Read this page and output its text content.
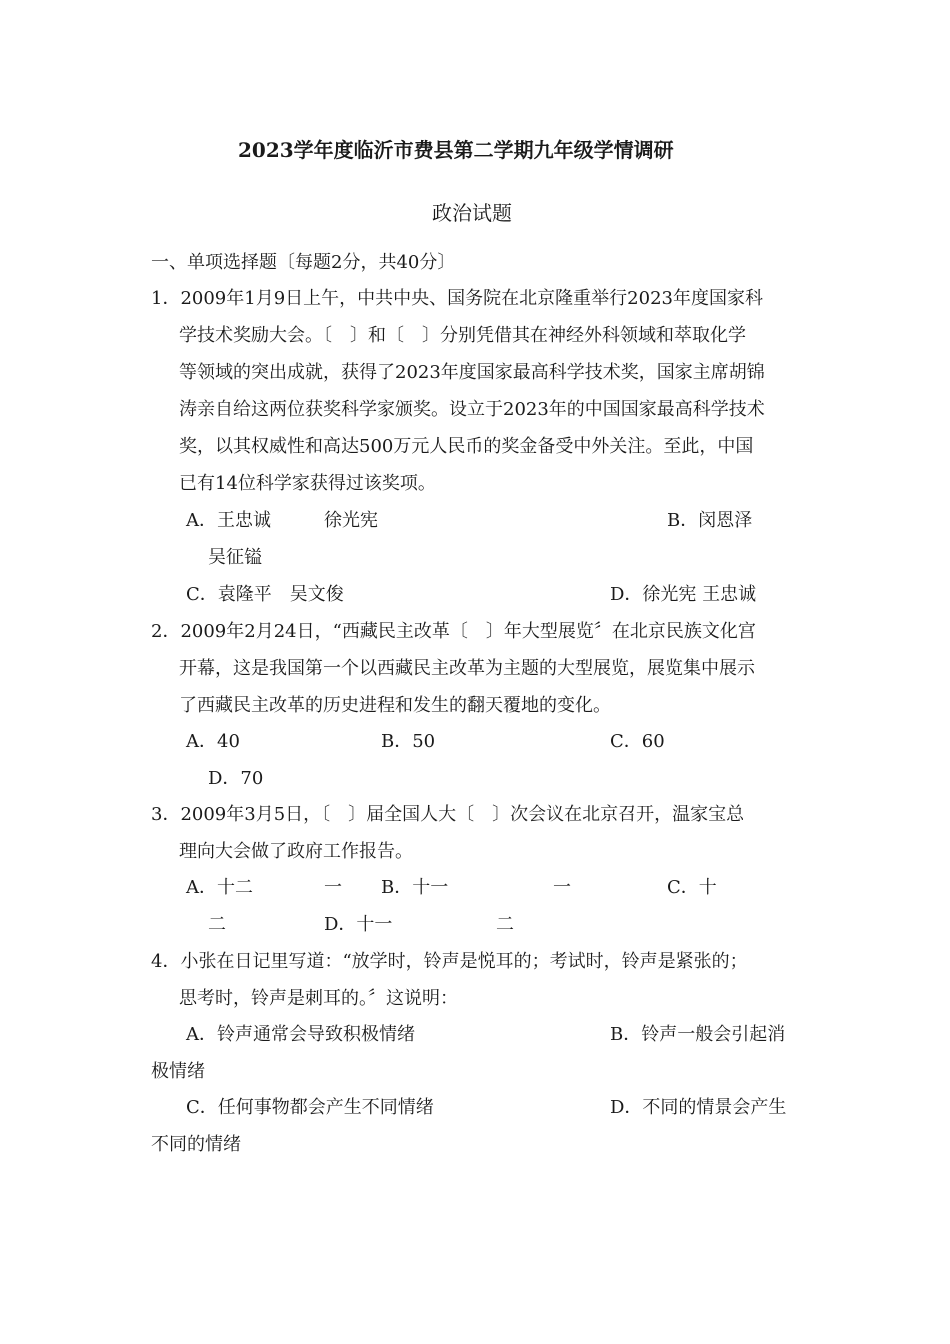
2023学年度临沂市费县第二学期九年级学情调研
政治试题
一、单项选择题〔每题2分，共40分〕
1．2009年1月9日上午，中共中央、国务院在北京隆重举行2023年度国家科
学技术奖励大会。〔　〕和〔　〕分别凭借其在神经外科领域和萃取化学
等领域的突出成就，获得了2023年度国家最高科学技术奖，国家主席胡锦
涛亲自给这两位获奖科学家颁奖。设立于2023年的中国国家最高科学技术
奖，以其权威性和高达500万元人民币的奖金备受中外关注。至此，中国
已有14位科学家获得过该奖项。
A．王忠诚	徐光宪	B．闵恩泽
吴征镒
C．袁隆平　吴文俊	D．徐光宪 王忠诚
2．2009年2月24日，“西藏民主改革〔　〕年大型展览〞在北京民族文化宫
开幕，这是我国第一个以西藏民主改革为主题的大型展览，展览集中展示
了西藏民主改革的历史进程和发生的翻天覆地的变化。
A．40	B．50	C．60
D．70
3．2009年3月5日，〔　〕届全国人大〔　〕次会议在北京召开，温家宝总
理向大会做了政府工作报告。
A．十二	一 B．十一	一	C．十
二	D．十一	二
4．小张在日记里写道：“放学时，铃声是悦耳的；考试时，铃声是紧张的；
思考时，铃声是刺耳的。〞这说明：
A．铃声通常会导致积极情绪	B．铃声一般会引起消
极情绪
C．任何事物都会产生不同情绪	D．不同的情景会产生
不同的情绪
